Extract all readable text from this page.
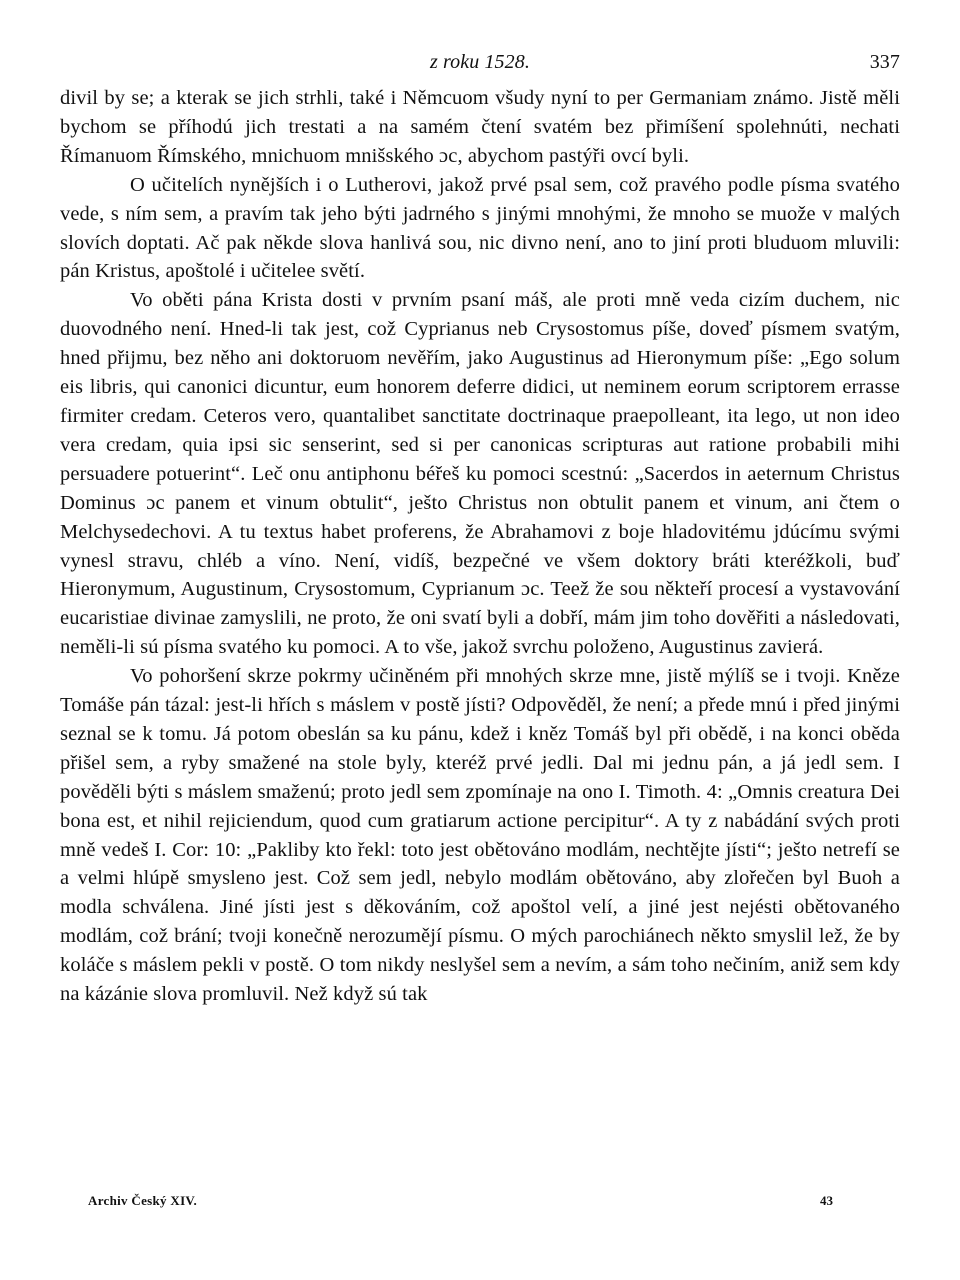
z roku 1528.	337

divil by se; a kterak se jich strhli, také i Němcuom všudy nyní to per Germaniam známo. Jistě měli bychom se příhodú jich trestati a na samém čtení svatém bez přimíšení spolehnúti, nechati Římanuom Římského, mnichuom mnišského ɔc, abychom pastýři ovcí byli.

O učitelích nynějších i o Lutherovi, jakož prvé psal sem, což pravého podle písma svatého vede, s ním sem, a pravím tak jeho býti jadrného s jinými mnohými, že mnoho se muože v malých slovích doptati. Ač pak někde slova hanlivá sou, nic divno není, ano to jiní proti bluduom mluvili: pán Kristus, apoštolé i učitelee světí.

Vo oběti pána Krista dosti v prvním psaní máš, ale proti mně veda cizím duchem, nic duovodného není. Hned-li tak jest, což Cyprianus neb Crysostomus píše, doveď písmem svatým, hned přijmu, bez něho ani doktoruom nevěřím, jako Augustinus ad Hieronymum píše: „Ego solum eis libris, qui canonici dicuntur, eum honorem deferre didici, ut neminem eorum scriptorem errasse firmiter credam. Ceteros vero, quantalibet sanctitate doctrinaque praepolleant, ita lego, ut non ideo vera credam, quia ipsi sic senserint, sed si per canonicas scripturas aut ratione probabili mihi persuadere potuerint“. Leč onu antiphonu béřeš ku pomoci scestnú: „Sacerdos in aeternum Christus Dominus ɔc panem et vinum obtulit“, ješto Christus non obtulit panem et vinum, ani čtem o Melchysedechovi. A tu textus habet proferens, že Abrahamovi z boje hladovitému jdúcímu svými vynesl stravu, chléb a víno. Není, vidíš, bezpečné ve všem doktory bráti kteréžkoli, buď Hieronymum, Augustinum, Crysostomum, Cyprianum ɔc. Teež že sou někteří procesí a vystavování eucaristiae divinae zamyslili, ne proto, že oni svatí byli a dobří, mám jim toho dověřiti a následovati, neměli-li sú písma svatého ku pomoci. A to vše, jakož svrchu položeno, Augustinus zavierá.

Vo pohoršení skrze pokrmy učiněném při mnohých skrze mne, jistě mýlíš se i tvoji. Kněze Tomáše pán tázal: jest-li hřích s máslem v postě jísti? Odpověděl, že není; a přede mnú i před jinými seznal se k tomu. Já potom obeslán sa ku pánu, kdež i kněz Tomáš byl při obědě, i na konci oběda přišel sem, a ryby smažené na stole byly, kteréž prvé jedli. Dal mi jednu pán, a já jedl sem. I pověděli býti s máslem smaženú; proto jedl sem zpomínaje na ono I. Timoth. 4: „Omnis creatura Dei bona est, et nihil rejiciendum, quod cum gratiarum actione percipitur“. A ty z nabádání svých proti mně vedeš I. Cor: 10: „Pakliby kto řekl: toto jest obětováno modlám, nechtějte jísti“; ješto netrefí se a velmi hlúpě smysleno jest. Což sem jedl, nebylo modlám obětováno, aby zlořečen byl Buoh a modla schválena. Jiné jísti jest s děkováním, což apoštol velí, a jiné jest nejésti obětovaného modlám, což brání; tvoji konečně nerozumějí písmu. O mých parochiánech někto smyslil lež, že by koláče s máslem pekli v postě. O tom nikdy neslyšel sem a nevím, a sám toho nečiním, aniž sem kdy na kázánie slova promluvil. Než když sú tak

Archiv Český XIV.	43
